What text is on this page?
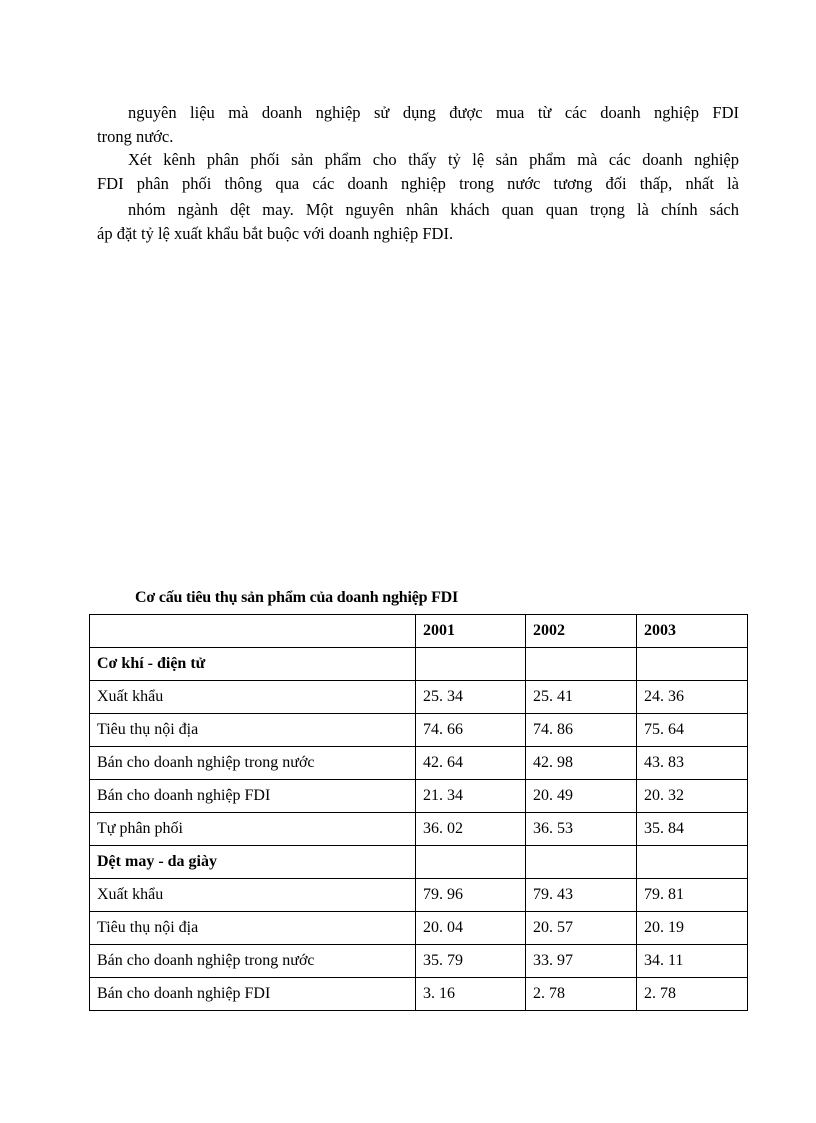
nguyên liệu mà doanh nghiệp sử dụng được mua từ các doanh nghiệp FDI
trong nước.

Xét kênh phân phối sản phẩm cho thấy tỷ lệ sản phẩm mà các doanh nghiệp
FDI phân phối thông qua các doanh nghiệp trong nước tương đối thấp, nhất là

nhóm ngành dệt may. Một nguyên nhân khách quan quan trọng là chính sách
áp đặt tỷ lệ xuất khẩu bắt buộc với doanh nghiệp FDI.

Cơ cấu tiêu thụ sản phẩm của doanh nghiệp FDI

	2001	2002	2003
Cơ khí - điện tử			
Xuất khẩu	25. 34	25. 41	24. 36
Tiêu thụ nội địa	74. 66	74. 86	75. 64
Bán cho doanh nghiệp trong nước	42. 64	42. 98	43. 83
Bán cho doanh nghiệp FDI	21. 34	20. 49	20. 32
Tự phân phối	36. 02	36. 53	35. 84
Dệt may - da giày			
Xuất khẩu	79. 96	79. 43	79. 81
Tiêu thụ nội địa	20. 04	20. 57	20. 19
Bán cho doanh nghiệp trong nước	35. 79	33. 97	34. 11
Bán cho doanh nghiệp FDI	3. 16	2. 78	2. 78
